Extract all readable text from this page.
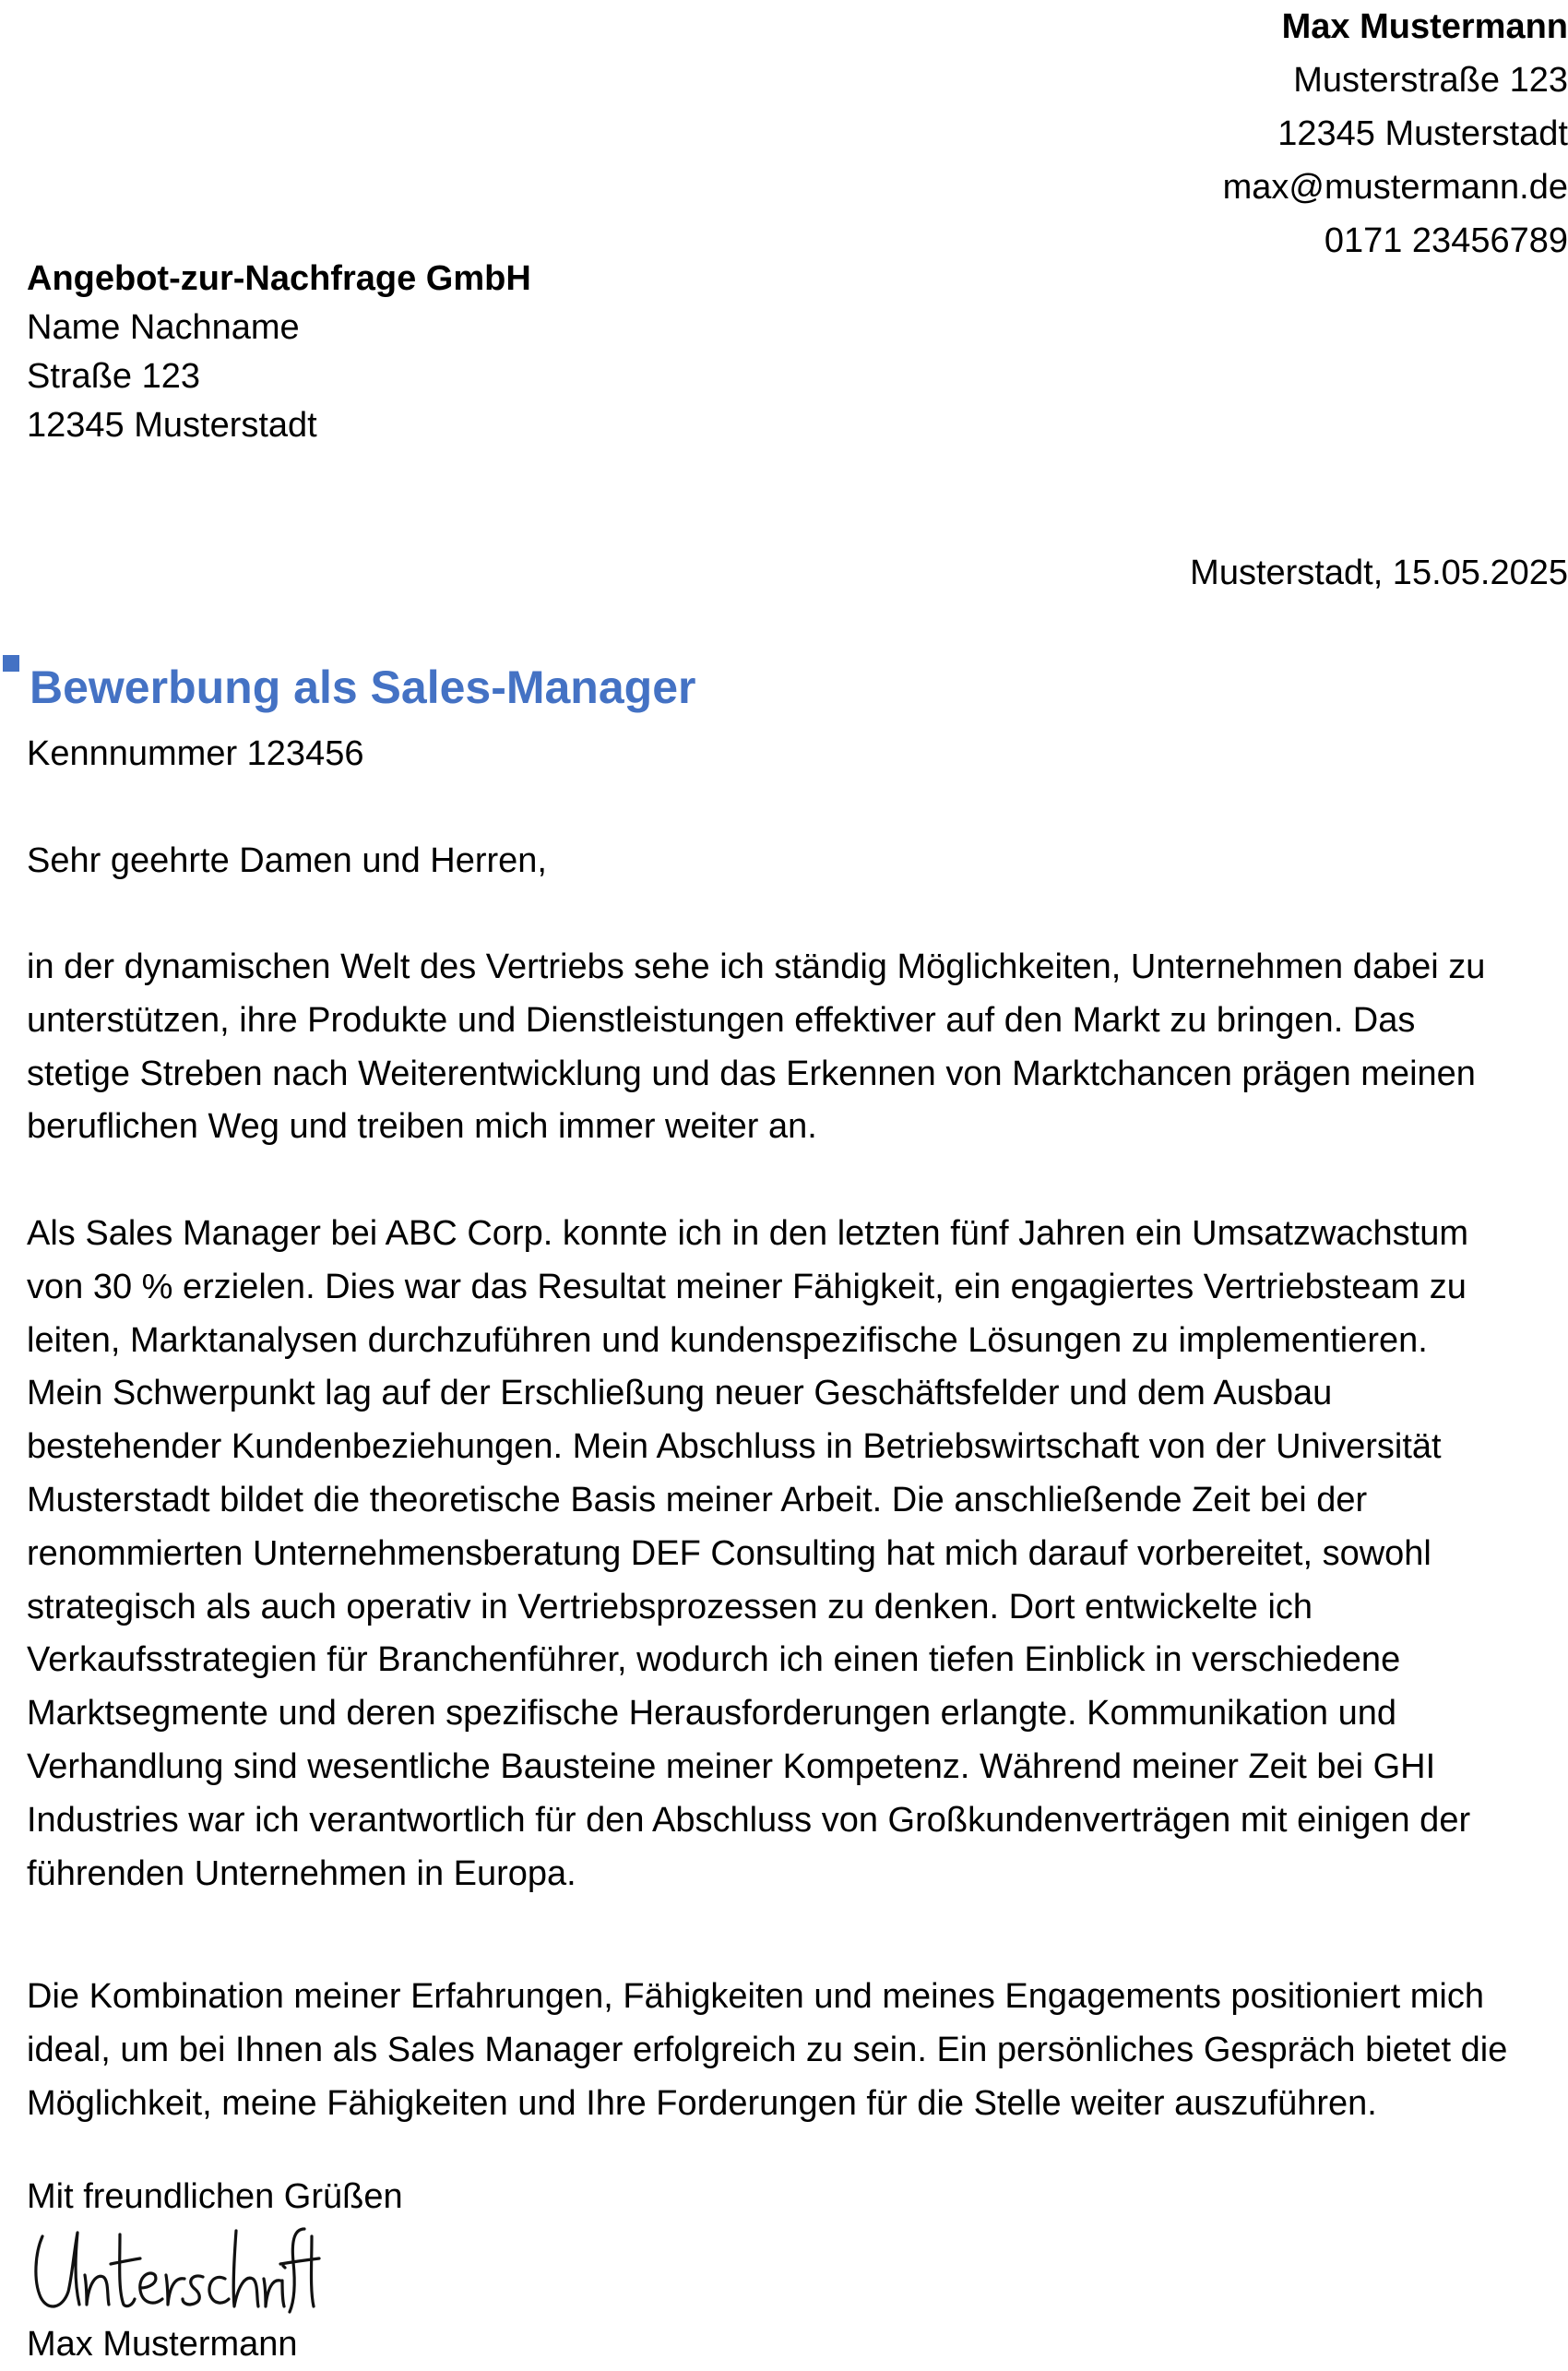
Max Mustermann
Musterstraße 123
12345 Musterstadt
max@mustermann.de
0171 23456789
Angebot-zur-Nachfrage GmbH
Name Nachname
Straße 123
12345 Musterstadt
Musterstadt, 15.05.2025
Bewerbung als Sales-Manager
Kennnummer 123456
Sehr geehrte Damen und Herren,
in der dynamischen Welt des Vertriebs sehe ich ständig Möglichkeiten, Unternehmen dabei zu
unterstützen, ihre Produkte und Dienstleistungen effektiver auf den Markt zu bringen. Das
stetige Streben nach Weiterentwicklung und das Erkennen von Marktchancen prägen meinen
beruflichen Weg und treiben mich immer weiter an.
Als Sales Manager bei ABC Corp. konnte ich in den letzten fünf Jahren ein Umsatzwachstum
von 30 % erzielen. Dies war das Resultat meiner Fähigkeit, ein engagiertes Vertriebsteam zu
leiten, Marktanalysen durchzuführen und kundenspezifische Lösungen zu implementieren.
Mein Schwerpunkt lag auf der Erschließung neuer Geschäftsfelder und dem Ausbau
bestehender Kundenbeziehungen. Mein Abschluss in Betriebswirtschaft von der Universität
Musterstadt bildet die theoretische Basis meiner Arbeit. Die anschließende Zeit bei der
renommierten Unternehmensberatung DEF Consulting hat mich darauf vorbereitet, sowohl
strategisch als auch operativ in Vertriebsprozessen zu denken. Dort entwickelte ich
Verkaufsstrategien für Branchenführer, wodurch ich einen tiefen Einblick in verschiedene
Marktsegmente und deren spezifische Herausforderungen erlangte. Kommunikation und
Verhandlung sind wesentliche Bausteine meiner Kompetenz. Während meiner Zeit bei GHI
Industries war ich verantwortlich für den Abschluss von Großkundenverträgen mit einigen der
führenden Unternehmen in Europa.
Die Kombination meiner Erfahrungen, Fähigkeiten und meines Engagements positioniert mich
ideal, um bei Ihnen als Sales Manager erfolgreich zu sein. Ein persönliches Gespräch bietet die
Möglichkeit, meine Fähigkeiten und Ihre Forderungen für die Stelle weiter auszuführen.
Mit freundlichen Grüßen
Max Mustermann
